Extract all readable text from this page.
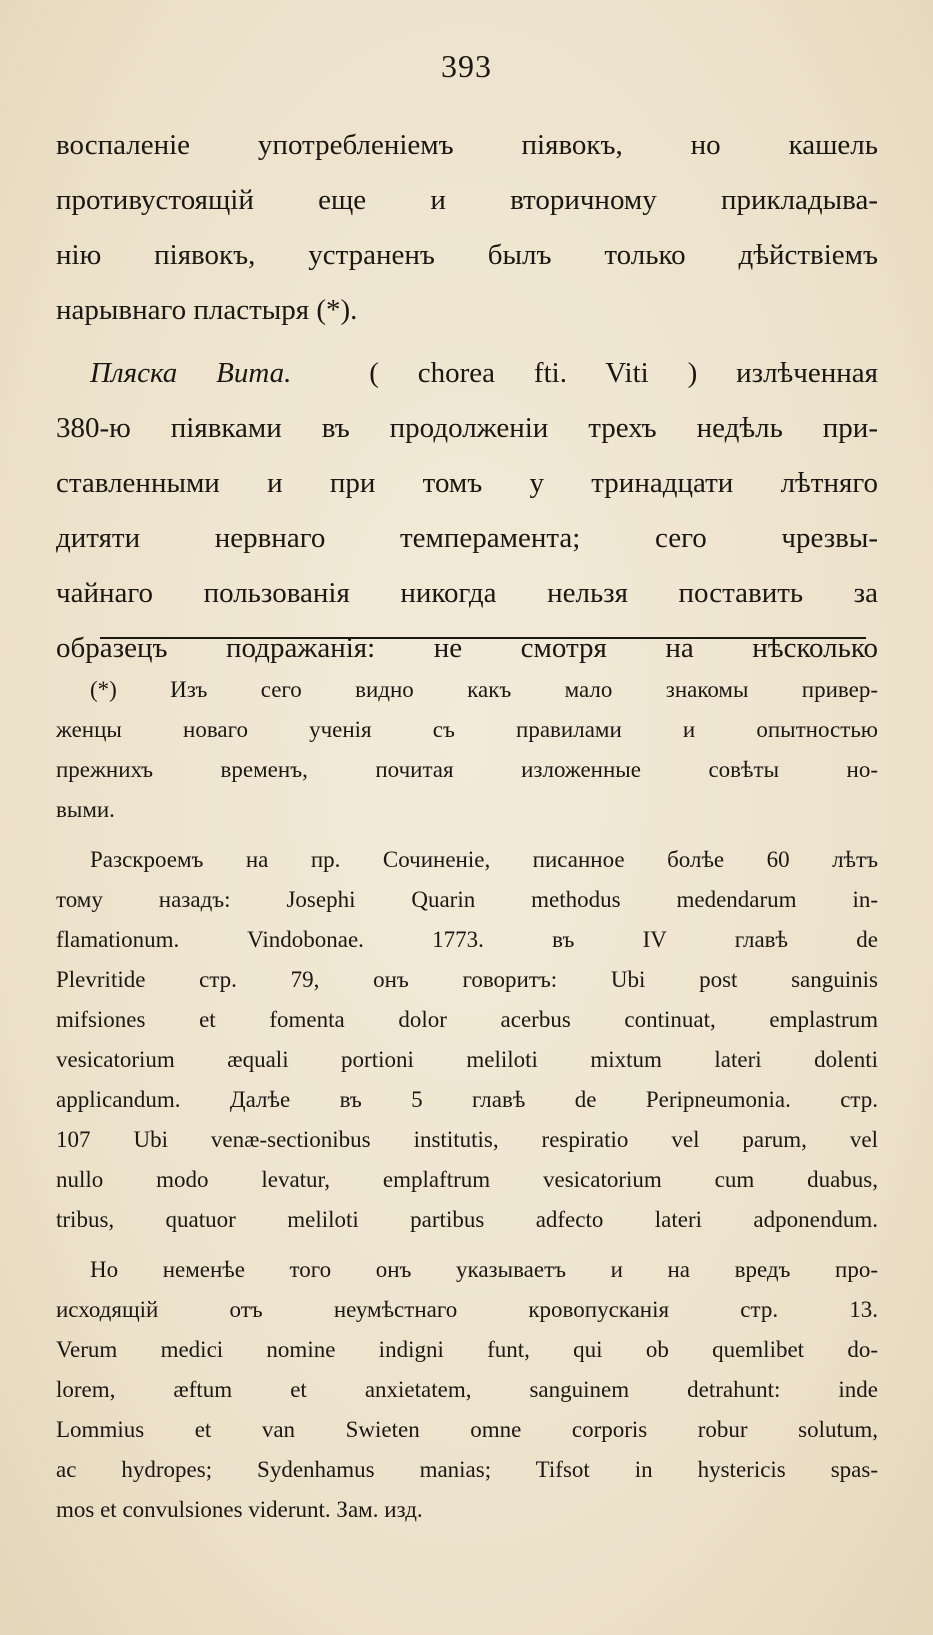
393
воспаленіе употребленіемъ піявокъ, но кашель
противустоящій еще и вторичному прикладыва-
нію піявокъ, устраненъ былъ только дѣйствіемъ
нарывнаго пластыря (*).
Пляска Вита.	( chorea fti. Viti ) излѣченная
380-ю піявками въ продолженіи трехъ недѣль при-
ставленными и при томъ у тринадцати лѣтняго
дитяти нервнаго темперамента; сего чрезвы-
чайнаго пользованія никогда нельзя поставить за
образецъ подражанія: не смотря на нѣсколько
(*) Изъ сего видно какъ мало знакомы привер-
женцы новаго ученія съ правилами и опытностью
прежнихъ временъ, почитая изложенные совѣты но-
выми.
Разскроемъ на пр. Сочиненіе, писанное болѣе 60 лѣтъ
тому назадъ: Josephi Quarin methodus medendarum in-
flamationum. Vindobonae. 1773. въ IV главѣ de
Plevritide стр. 79, онъ говоритъ: Ubi post sanguinis
mifsiones et fomenta dolor acerbus continuat, emplastrum
vesicatorium æquali portioni meliloti mixtum lateri dolenti
applicandum. Далѣе въ 5 главѣ de Peripneumonia. стр.
107 Ubi venæ-sectionibus institutis, respiratio vel parum, vel
nullo modo levatur, emplaftrum vesicatorium cum duabus,
tribus, quatuor meliloti partibus adfecto lateri adponendum.
Но неменѣе того онъ указываетъ и на вредъ про-
исходящій отъ неумѣстнаго кровопусканія стр. 13.
Verum medici nomine indigni funt, qui ob quemlibet do-
lorem, æftum et anxietatem, sanguinem detrahunt: inde
Lommius et van Swieten omne corporis robur solutum,
ac hydropes; Sydenhamus manias; Tifsot in hystericis spas-
mos et convulsiones viderunt. Зам. изд.
